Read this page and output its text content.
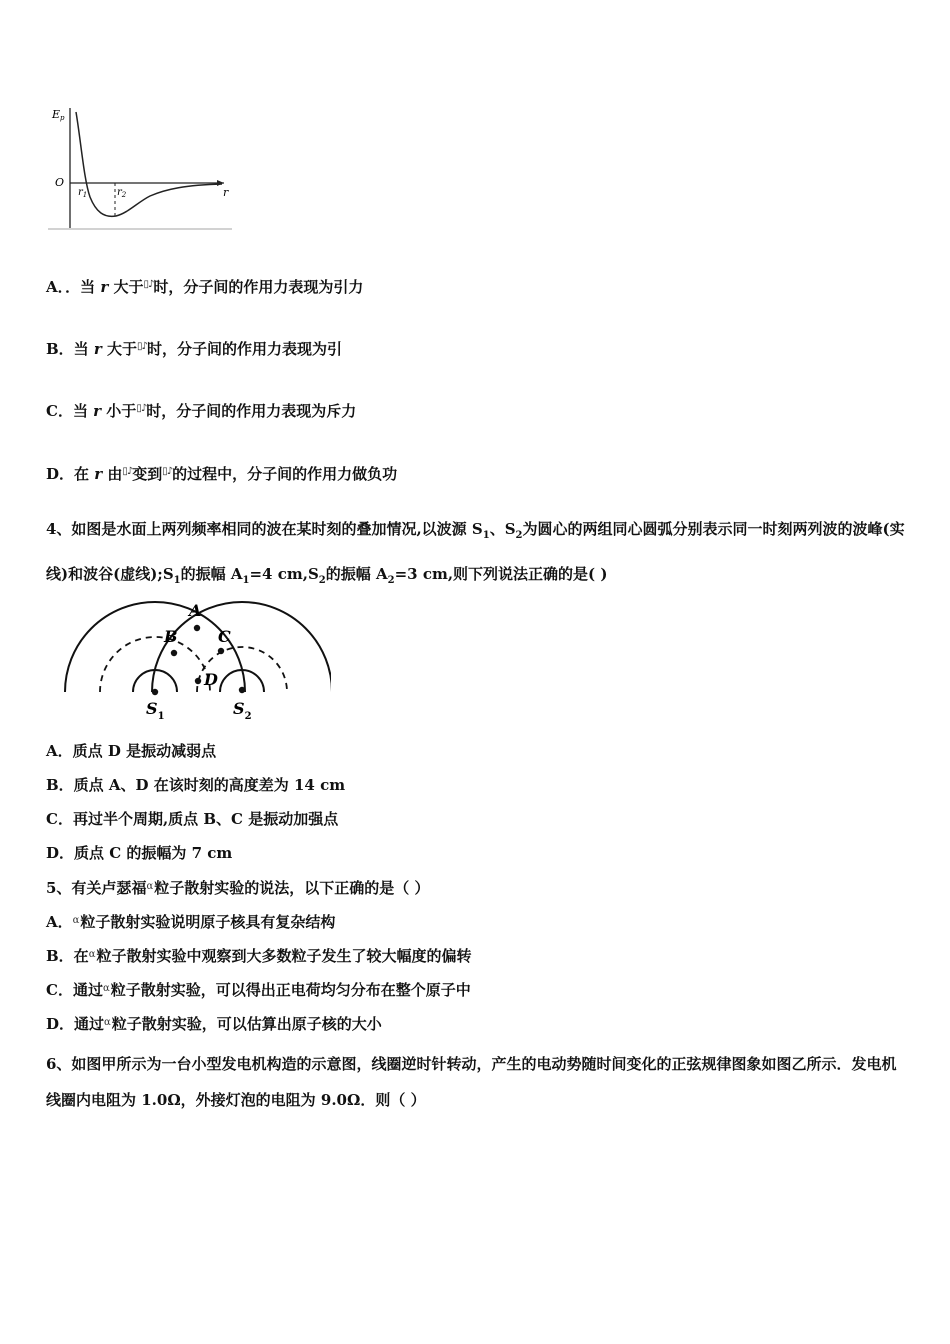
Ep
O
$r_1$	$r_2$	r
A．．当 r 大于▯♪时，分子间的作用力表现为引力
B．当 r 大于▯♪时，分子间的作用力表现为引
C．当 r 小于▯♪时，分子间的作用力表现为斥力
D．在 r 由▯♪变到▯♪的过程中，分子间的作用力做负功
4、如图是水面上两列频率相同的波在某时刻的叠加情况,以波源 $S_1$、$S_2$为圆心的两组同心圆弧分别表示同一时刻两列波的波峰(实线)和波谷(虚线)$;S_1$的振幅 $A_1=4$ $cm,S_2$的振幅 $A_2=3$ cm,则下列说法正确的是( )
A
B	C
D
$S_1$	$S_2$
A．质点 D 是振动减弱点
B．质点 A、D 在该时刻的高度差为 14 cm
C．再过半个周期,质点 B、C 是振动加强点
D．质点 C 的振幅为 7 cm
5、有关卢瑟福α粒子散射实验的说法，以下正确的是（ ）
A．α粒子散射实验说明原子核具有复杂结构
B．在α粒子散射实验中观察到大多数粒子发生了较大幅度的偏转
C．通过α粒子散射实验，可以得出正电荷均匀分布在整个原子中
D．通过α粒子散射实验，可以估算出原子核的大小
6、如图甲所示为一台小型发电机构造的示意图，线圈逆时针转动，产生的电动势随时间变化的正弦规律图象如图乙所示．发电机线圈内电阻为 1.0Ω，外接灯泡的电阻为 9.0Ω．则（ ）
